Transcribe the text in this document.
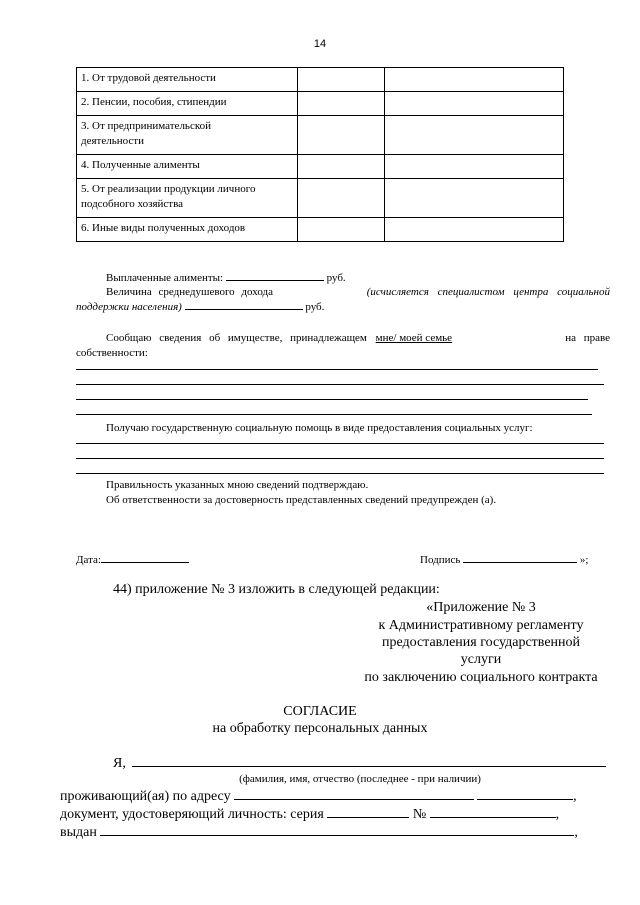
14
1. От трудовой деятельности		
2. Пенсии, пособия, стипендии		
3. От предпринимательской
деятельности		
4. Полученные алименты		
5. От реализации продукции личного
подсобного хозяйства		
6. Иные виды полученных доходов		
Выплаченные алименты:	руб.
Величина среднедушевого дохода	(исчисляется специалистом центра социальной
поддержки населения)	руб.
Сообщаю сведения об имуществе, принадлежащем мне/ моей семье	на праве
собственности:
Получаю государственную социальную помощь в виде предоставления социальных услуг:
Правильность указанных мною сведений подтверждаю.
Об ответственности за достоверность представленных сведений предупрежден (а).
Дата:	Подпись	»;
44) приложение № 3 изложить в следующей редакции:
«Приложение № 3
к Административному регламенту
предоставления государственной
услуги
по заключению социального контракта
СОГЛАСИЕ
на обработку персональных данных
Я,
(фамилия, имя, отчество (последнее - при наличии)
проживающий(ая) по адресу	,
документ, удостоверяющий личность: серия	№	,
выдан	,
